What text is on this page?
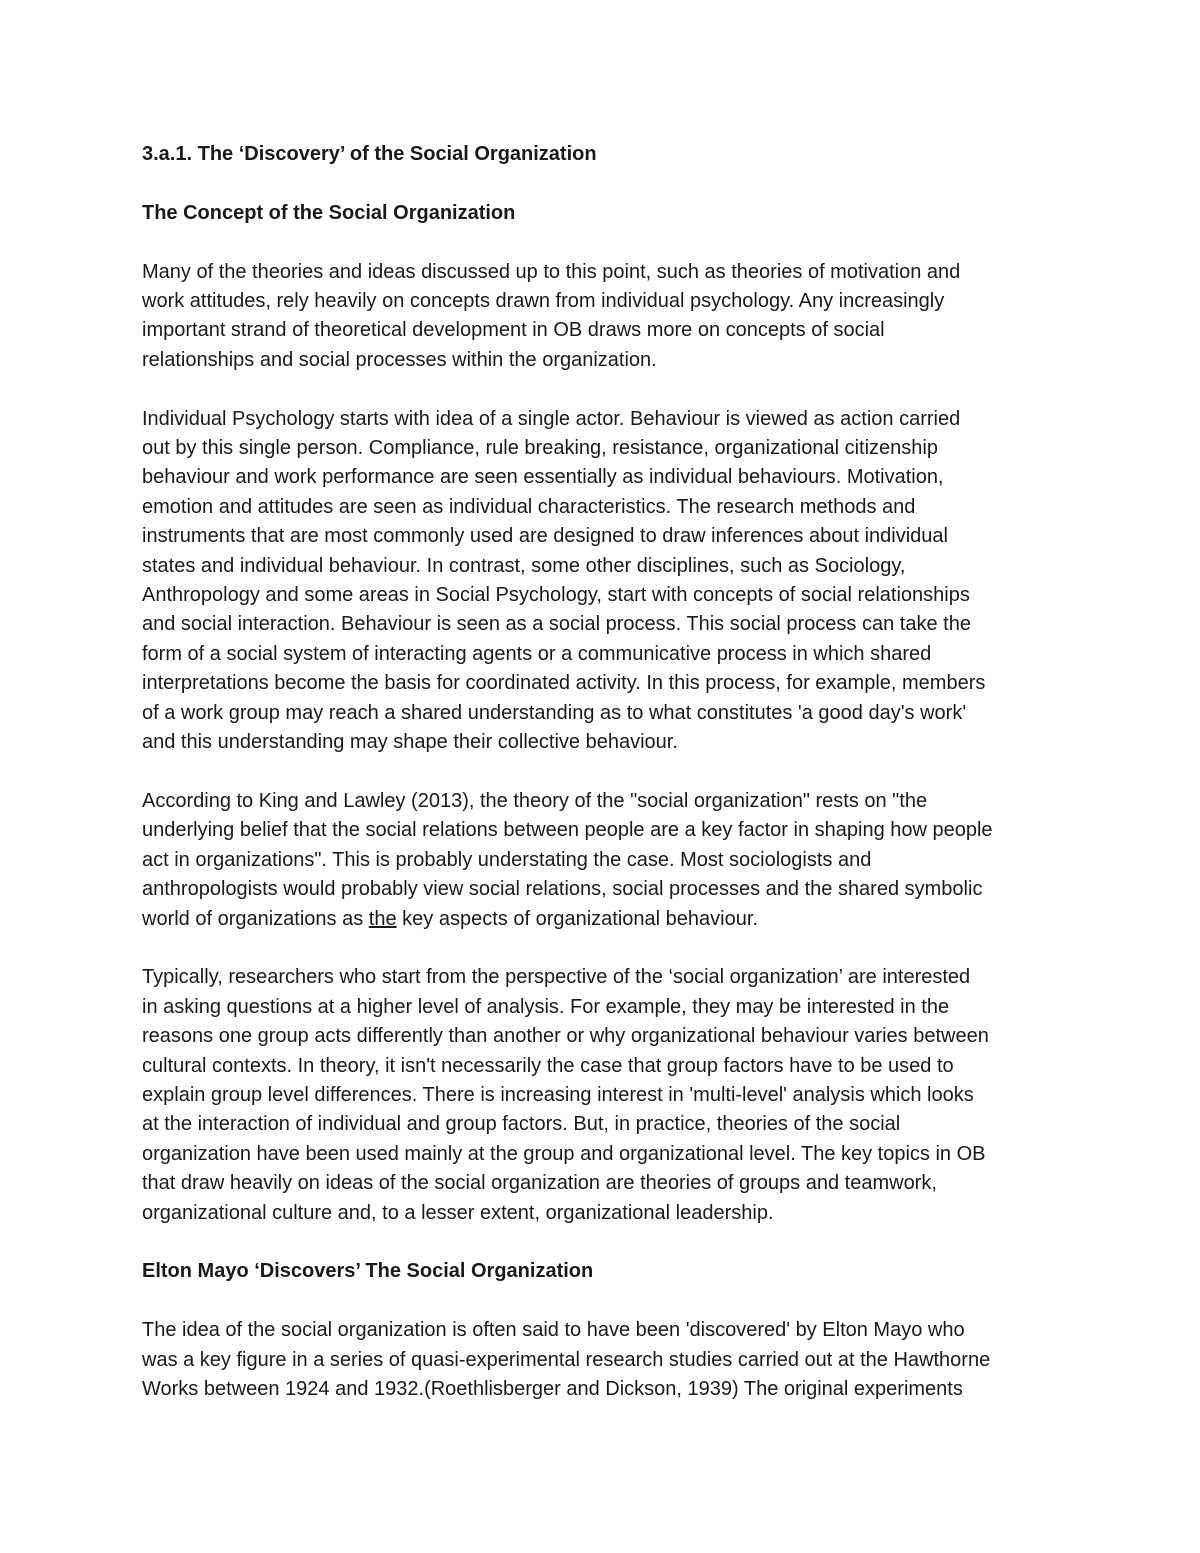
3.a.1. The ‘Discovery’ of the Social Organization
The Concept of the Social Organization

Many of the theories and ideas discussed up to this point, such as theories of motivation and
work attitudes, rely heavily on concepts drawn from individual psychology. Any increasingly
important strand of theoretical development in OB draws more on concepts of social
relationships and social processes within the organization.

Individual Psychology starts with idea of a single actor. Behaviour is viewed as action carried
out by this single person. Compliance, rule breaking, resistance, organizational citizenship
behaviour and work performance are seen essentially as individual behaviours. Motivation,
emotion and attitudes are seen as individual characteristics. The research methods and
instruments that are most commonly used are designed to draw inferences about individual
states and individual behaviour. In contrast, some other disciplines, such as Sociology,
Anthropology and some areas in Social Psychology, start with concepts of social relationships
and social interaction. Behaviour is seen as a social process. This social process can take the
form of a social system of interacting agents or a communicative process in which shared
interpretations become the basis for coordinated activity. In this process, for example, members
of a work group may reach a shared understanding as to what constitutes 'a good day's work'
and this understanding may shape their collective behaviour.

According to King and Lawley (2013), the theory of the "social organization" rests on "the
underlying belief that the social relations between people are a key factor in shaping how people
act in organizations". This is probably understating the case. Most sociologists and
anthropologists would probably view social relations, social processes and the shared symbolic
world of organizations as the key aspects of organizational behaviour.

Typically, researchers who start from the perspective of the ‘social organization’ are interested
in asking questions at a higher level of analysis. For example, they may be interested in the
reasons one group acts differently than another or why organizational behaviour varies between
cultural contexts. In theory, it isn't necessarily the case that group factors have to be used to
explain group level differences. There is increasing interest in 'multi-level' analysis which looks
at the interaction of individual and group factors. But, in practice, theories of the social
organization have been used mainly at the group and organizational level. The key topics in OB
that draw heavily on ideas of the social organization are theories of groups and teamwork,
organizational culture and, to a lesser extent, organizational leadership.

Elton Mayo ‘Discovers’ The Social Organization

The idea of the social organization is often said to have been 'discovered' by Elton Mayo who
was a key figure in a series of quasi-experimental research studies carried out at the Hawthorne
Works between 1924 and 1932.(Roethlisberger and Dickson, 1939) The original experiments
